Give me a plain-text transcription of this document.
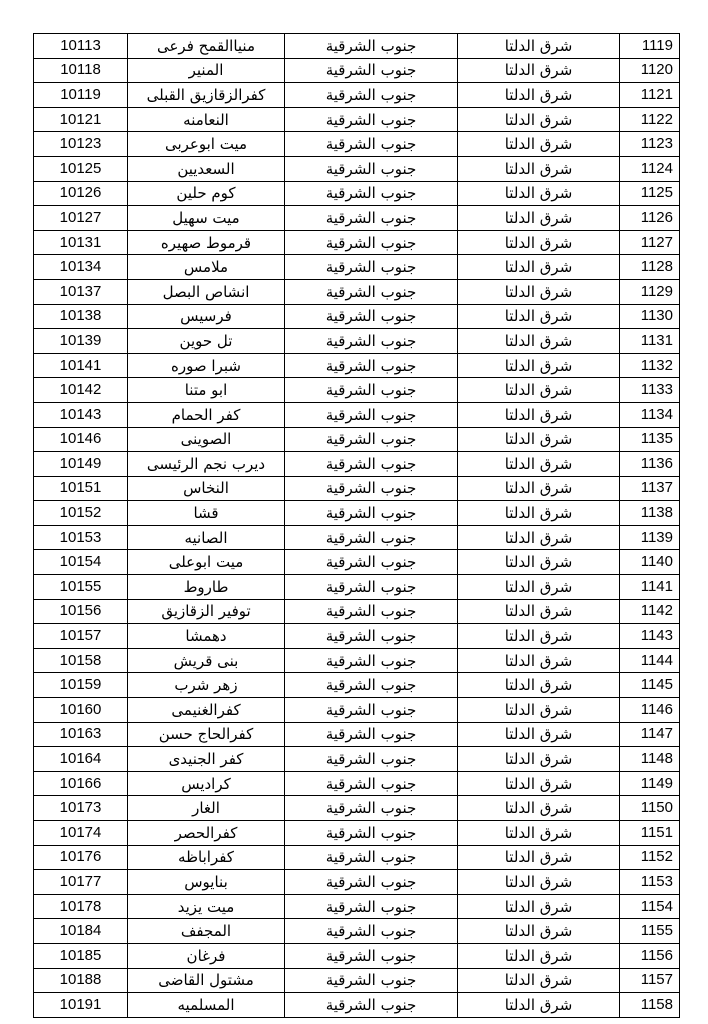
10113	منياالقمح فرعى	جنوب الشرقية	شرق الدلتا	1119
10118	المنير	جنوب الشرقية	شرق الدلتا	1120
10119	كفرالزقازيق القبلى	جنوب الشرقية	شرق الدلتا	1121
10121	النعامنه	جنوب الشرقية	شرق الدلتا	1122
10123	ميت ابوعربى	جنوب الشرقية	شرق الدلتا	1123
10125	السعديين	جنوب الشرقية	شرق الدلتا	1124
10126	كوم حلين	جنوب الشرقية	شرق الدلتا	1125
10127	ميت سهيل	جنوب الشرقية	شرق الدلتا	1126
10131	قرموط صهيره	جنوب الشرقية	شرق الدلتا	1127
10134	ملامس	جنوب الشرقية	شرق الدلتا	1128
10137	انشاص البصل	جنوب الشرقية	شرق الدلتا	1129
10138	فرسيس	جنوب الشرقية	شرق الدلتا	1130
10139	تل حوين	جنوب الشرقية	شرق الدلتا	1131
10141	شبرا صوره	جنوب الشرقية	شرق الدلتا	1132
10142	ابو متنا	جنوب الشرقية	شرق الدلتا	1133
10143	كفر الحمام	جنوب الشرقية	شرق الدلتا	1134
10146	الصوينى	جنوب الشرقية	شرق الدلتا	1135
10149	ديرب نجم الرئيسى	جنوب الشرقية	شرق الدلتا	1136
10151	النخاس	جنوب الشرقية	شرق الدلتا	1137
10152	قشا	جنوب الشرقية	شرق الدلتا	1138
10153	الصانيه	جنوب الشرقية	شرق الدلتا	1139
10154	ميت ابوعلى	جنوب الشرقية	شرق الدلتا	1140
10155	طاروط	جنوب الشرقية	شرق الدلتا	1141
10156	توفير الزقازيق	جنوب الشرقية	شرق الدلتا	1142
10157	دهمشا	جنوب الشرقية	شرق الدلتا	1143
10158	بنى قريش	جنوب الشرقية	شرق الدلتا	1144
10159	زهر شرب	جنوب الشرقية	شرق الدلتا	1145
10160	كفرالغنيمى	جنوب الشرقية	شرق الدلتا	1146
10163	كفرالحاج حسن	جنوب الشرقية	شرق الدلتا	1147
10164	كفر الجنيدى	جنوب الشرقية	شرق الدلتا	1148
10166	كراديس	جنوب الشرقية	شرق الدلتا	1149
10173	الغار	جنوب الشرقية	شرق الدلتا	1150
10174	كفرالحصر	جنوب الشرقية	شرق الدلتا	1151
10176	كفراباظه	جنوب الشرقية	شرق الدلتا	1152
10177	بنايوس	جنوب الشرقية	شرق الدلتا	1153
10178	ميت يزيد	جنوب الشرقية	شرق الدلتا	1154
10184	المجفف	جنوب الشرقية	شرق الدلتا	1155
10185	فرغان	جنوب الشرقية	شرق الدلتا	1156
10188	مشتول القاضى	جنوب الشرقية	شرق الدلتا	1157
10191	المسلميه	جنوب الشرقية	شرق الدلتا	1158
